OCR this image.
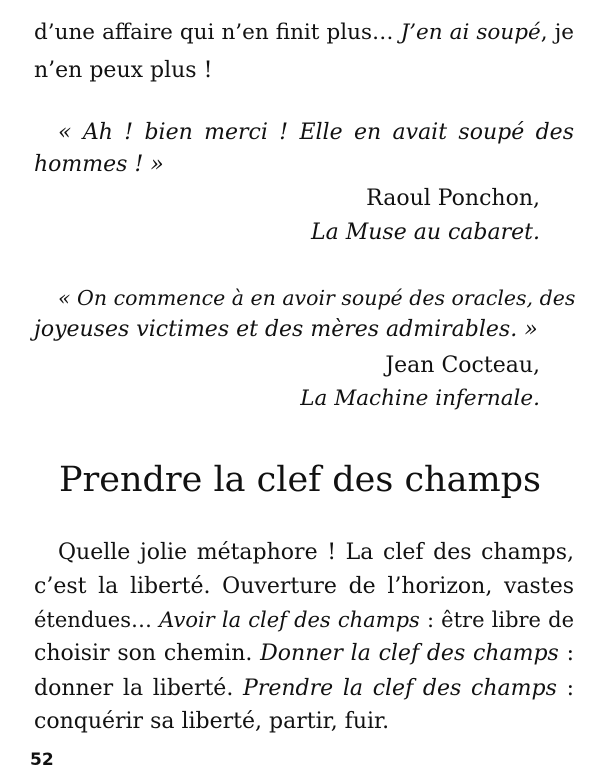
d’une affaire qui n’en finit plus… J’en ai soupé, je
n’en peux plus !
« Ah ! bien merci ! Elle en avait soupé des
hommes ! »
Raoul Ponchon,
La Muse au cabaret.
« On commence à en avoir soupé des oracles, des
joyeuses victimes et des mères admirables. »
Jean Cocteau,
La Machine infernale.
Prendre la clef des champs
Quelle jolie métaphore ! La clef des champs,
c’est la liberté. Ouverture de l’horizon, vastes
étendues… Avoir la clef des champs : être libre de
choisir son chemin. Donner la clef des champs :
donner la liberté. Prendre la clef des champs :
conquérir sa liberté, partir, fuir.
52
